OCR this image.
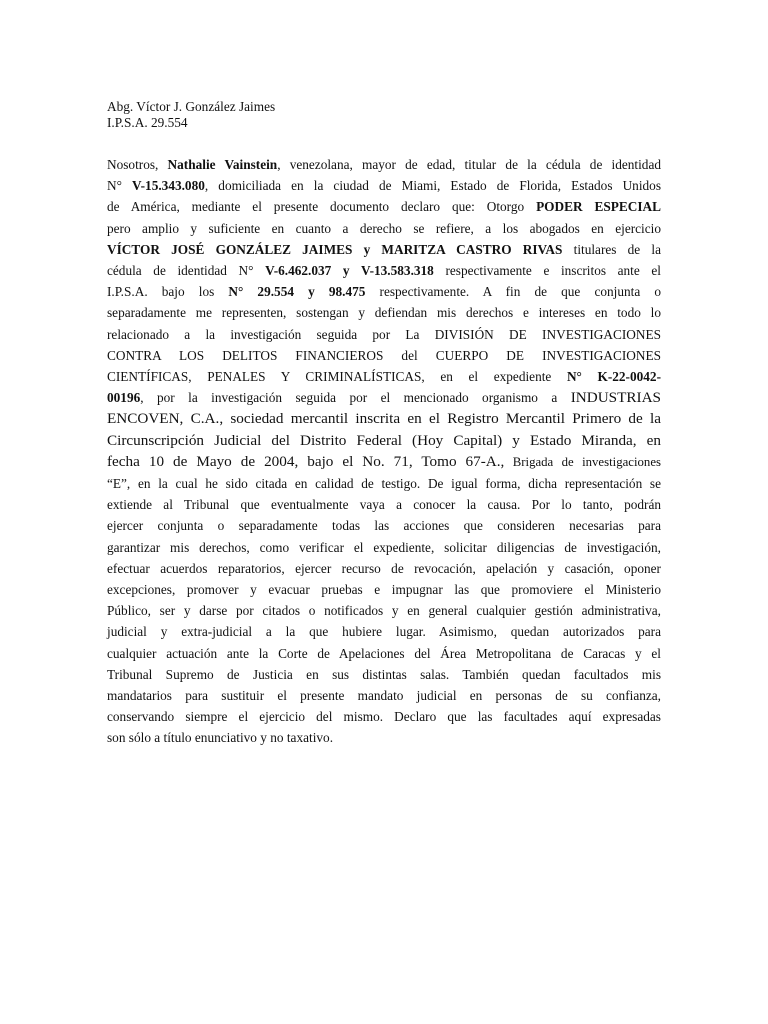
Abg. Víctor J. González Jaimes
I.P.S.A. 29.554
Nosotros, Nathalie Vainstein, venezolana, mayor de edad, titular de la cédula de identidad
N° V-15.343.080, domiciliada en la ciudad de Miami, Estado de Florida, Estados Unidos
de América, mediante el presente documento declaro que: Otorgo PODER ESPECIAL
pero amplio y suficiente en cuanto a derecho se refiere, a los abogados en ejercicio
VÍCTOR JOSÉ GONZÁLEZ JAIMES y MARITZA CASTRO RIVAS titulares de la
cédula de identidad N° V-6.462.037 y V-13.583.318 respectivamente e inscritos ante el
I.P.S.A. bajo los N° 29.554 y 98.475 respectivamente. A fin de que conjunta o
separadamente me representen, sostengan y defiendan mis derechos e intereses en todo lo
relacionado a la investigación seguida por La DIVISIÓN DE INVESTIGACIONES
CONTRA LOS DELITOS FINANCIEROS del CUERPO DE INVESTIGACIONES
CIENTÍFICAS, PENALES Y CRIMINALÍSTICAS, en el expediente N° K-22-0042-
00196, por la investigación seguida por el mencionado organismo a INDUSTRIAS
ENCOVEN, C.A., sociedad mercantil inscrita en el Registro Mercantil Primero de la
Circunscripción Judicial del Distrito Federal (Hoy Capital) y Estado Miranda, en
fecha 10 de Mayo de 2004, bajo el No. 71, Tomo 67-A., Brigada de investigaciones
“E”, en la cual he sido citada en calidad de testigo. De igual forma, dicha representación se
extiende al Tribunal que eventualmente vaya a conocer la causa. Por lo tanto, podrán
ejercer conjunta o separadamente todas las acciones que consideren necesarias para
garantizar mis derechos, como verificar el expediente, solicitar diligencias de investigación,
efectuar acuerdos reparatorios, ejercer recurso de revocación, apelación y casación, oponer
excepciones, promover y evacuar pruebas e impugnar las que promoviere el Ministerio
Público, ser y darse por citados o notificados y en general cualquier gestión administrativa,
judicial y extra-judicial a la que hubiere lugar. Asimismo, quedan autorizados para
cualquier actuación ante la Corte de Apelaciones del Área Metropolitana de Caracas y el
Tribunal Supremo de Justicia en sus distintas salas. También quedan facultados mis
mandatarios para sustituir el presente mandato judicial en personas de su confianza,
conservando siempre el ejercicio del mismo. Declaro que las facultades aquí expresadas
son sólo a título enunciativo y no taxativo.
